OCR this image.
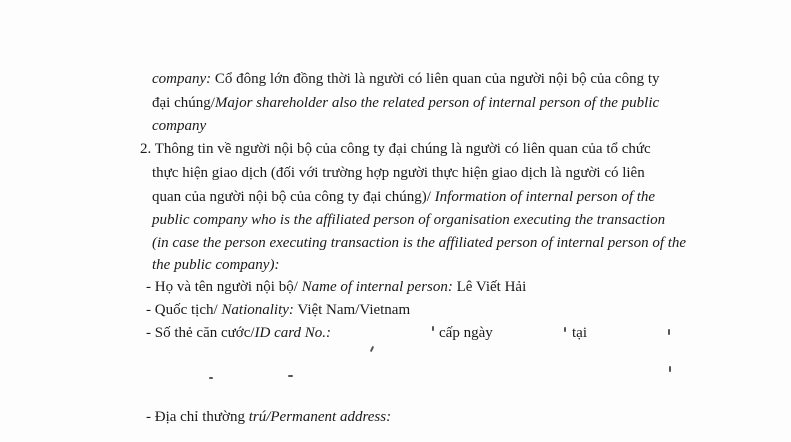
company: Cổ đông lớn đồng thời là người có liên quan của người nội bộ của công ty
đại chúng/Major shareholder also the related person of internal person of the public
company
2. Thông tin về người nội bộ của công ty đại chúng là người có liên quan của tổ chức
thực hiện giao dịch (đối với trường hợp người thực hiện giao dịch là người có liên
quan của người nội bộ của công ty đại chúng)/ Information of internal person of the
public company who is the affiliated person of organisation executing the transaction
(in case the person executing transaction is the affiliated person of internal person of the
the public company):
- Họ và tên người nội bộ/ Name of internal person: Lê Viết Hải
- Quốc tịch/ Nationality: Việt Nam/Vietnam
- Số thẻ căn cước/ID card No.:	cấp ngày	tại
- Địa chỉ thường trú/Permanent address:
